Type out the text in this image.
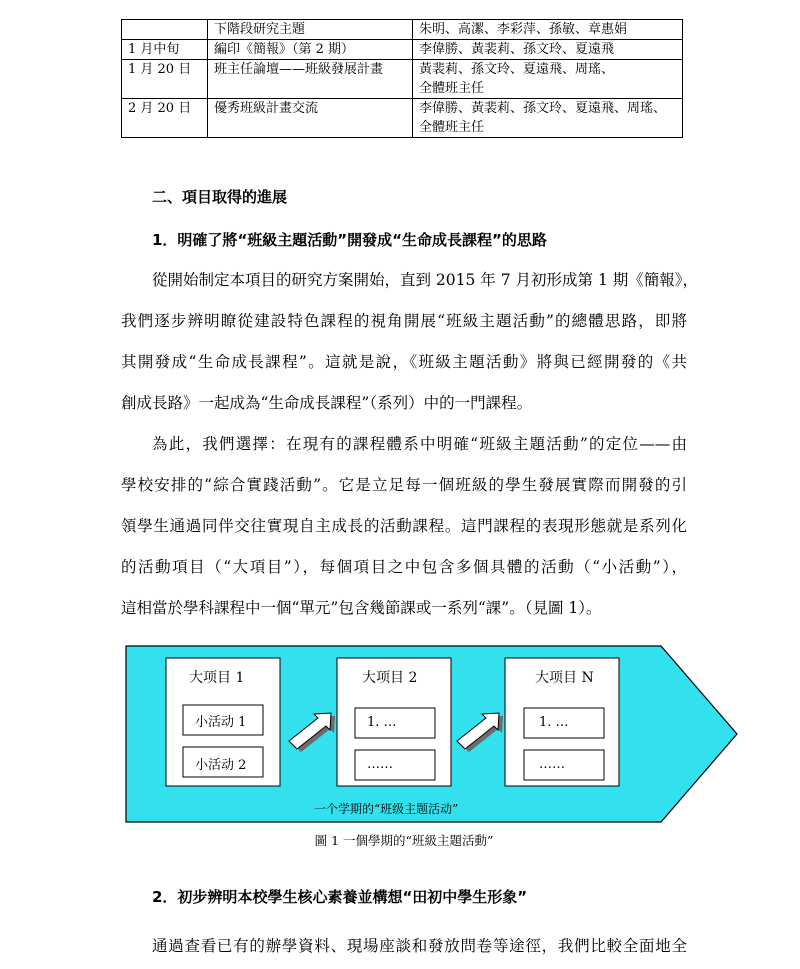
	下階段研究主題	朱明、高潔、李彩萍、孫敏、章惠娟
1 月中旬	編印《簡報》（第 2 期）	李偉勝、黃裴莉、孫文玲、夏遠飛
1 月 20 日	班主任論壇——班級發展計畫	黃裴莉、孫文玲、夏遠飛、周瑤、
全體班主任
2 月 20 日	優秀班級計畫交流	李偉勝、黃裴莉、孫文玲、夏遠飛、周瑤、
全體班主任
二、項目取得的進展
1．明確了將“班級主題活動”開發成“生命成長課程”的思路
從開始制定本項目的研究方案開始，直到 2015 年 7 月初形成第 1 期《簡報》，
我們逐步辨明瞭從建設特色課程的視角開展“班級主題活動”的總體思路，即將
其開發成“生命成長課程”。這就是說，《班級主題活動》將與已經開發的《共
創成長路》一起成為“生命成長課程”（系列）中的一門課程。
為此，我們選擇：在現有的課程體系中明確“班級主題活動”的定位——由
學校安排的“綜合實踐活動”。它是立足每一個班級的學生發展實際而開發的引
領學生通過同伴交往實現自主成長的活動課程。這門課程的表現形態就是系列化
的活動項目（“大項目”），每個項目之中包含多個具體的活動（“小活動”），
這相當於學科課程中一個“單元”包含幾節課或一系列“課”。（見圖 1）。
大项目 1
小活动 1
小活动 2
大项目 2
1. …
……
大项目 N
1. …
……
一个学期的“班级主题活动”
圖 1 一個學期的“班級主題活動”
2．初步辨明本校學生核心素養並構想“田初中學生形象”
通過查看已有的辦學資料、現場座談和發放問卷等途徑，我們比較全面地全
